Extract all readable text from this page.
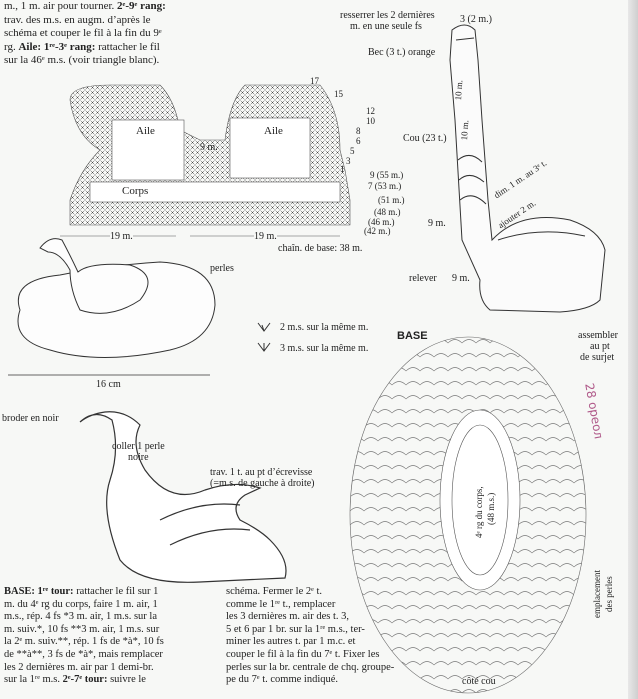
m., 1 m. air pour tourner. 2ᵉ-9ᵉ rang:
trav. des m.s. en augm. d’après le
schéma et couper le fil à la fin du 9ᵉ
rg. Aile: 1ʳᵉ-3ᵉ rang: rattacher le fil
sur la 46ᵉ m.s. (voir triangle blanc).
Aile	Aile
9 m.
Corps
19 m.	19 m.
chaîn. de base: 38 m.
17
15
12
10
8
6
5
3
1
9 (55 m.)
7 (53 m.)
(51 m.)
(48 m.)
(46 m.)
(42 m.)
resserrer les 2 dernières
m. en une seule fs
3 (2 m.)
Bec (3 t.) orange
10 m.
10 m.
Cou (23 t.)
dim. 1 m. au 3ᵉ t.
ajouter 2 m.
9 m.
relever 9 m.
assembler
au pt
de surjet
perles
16 cm
2 m.s. sur la même m.
3 m.s. sur la même m.
broder en noir
coller 1 perle
noire
trav. 1 t. au pt d’écrevisse
(=m.s. de gauche à droite)
BASE
4ᵉ rg du corps, (48 m.s.)
côté cou
emplacement des perles
28 ореол
BASE: 1ʳᵉ tour: rattacher le fil sur 1
m. du 4ᵉ rg du corps, faire 1 m. air, 1
m.s., rép. 4 fs *3 m. air, 1 m.s. sur la
m. suiv.*, 10 fs **3 m. air, 1 m.s. sur
la 2ᵉ m. suiv.**, rép. 1 fs de *à*, 10 fs
de **à**, 3 fs de *à*, mais remplacer
les 2 dernières m. air par 1 demi-br.
sur la 1ʳᵉ m.s. 2ᵉ-7ᵉ tour: suivre le
schéma. Fermer le 2ᵉ t.
comme le 1ʳᵉ t., remplacer
les 3 dernières m. air des t. 3,
5 et 6 par 1 br. sur la 1ʳᵉ m.s., ter-
miner les autres t. par 1 m.c. et
couper le fil à la fin du 7ᵉ t. Fixer les
perles sur la br. centrale de chq. groupe-
pe du 7ᵉ t. comme indiqué.
